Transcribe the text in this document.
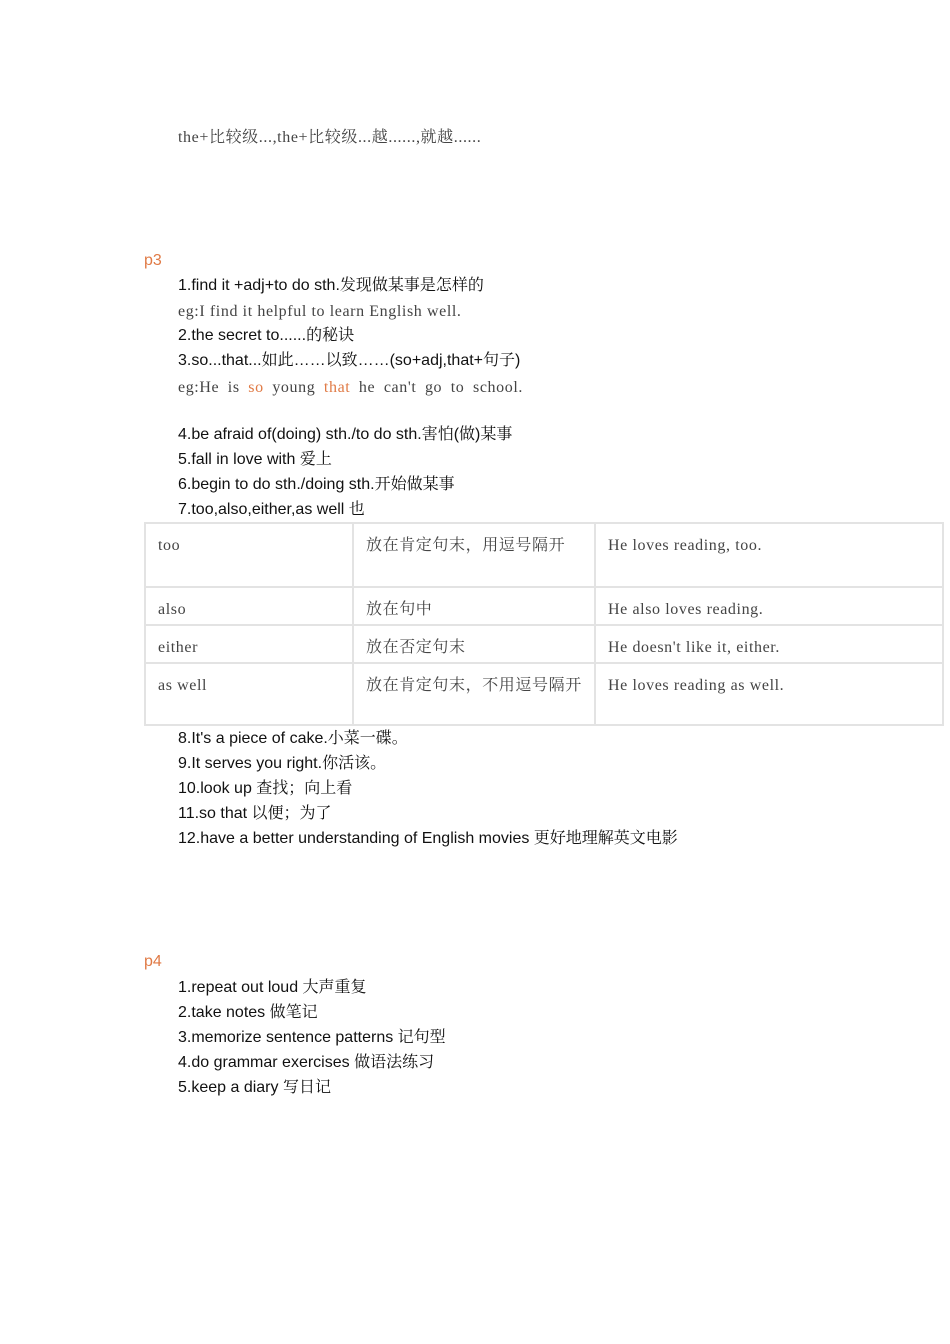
the+比较级...,the+比较级...越......,就越......
p3
1.find it +adj+to do sth.发现做某事是怎样的
eg:I find it helpful to learn English well.
2.the secret to......的秘诀
3.so...that...如此……以致……(so+adj,that+句子)
eg:He is so young that he can't go to school.
4.be afraid of(doing) sth./to do sth.害怕(做)某事
5.fall in love with 爱上
6.begin to do sth./doing sth.开始做某事
7.too,also,either,as well 也
too	放在肯定句末，用逗号隔开	He loves reading, too.
also	放在句中	He also loves reading.
either	放在否定句末	He doesn't like it, either.
as well	放在肯定句末，不用逗号隔开	He loves reading as well.
8.It's a piece of cake.小菜一碟。
9.It serves you right.你活该。
10.look up 查找；向上看
11.so that 以便；为了
12.have a better understanding of English movies 更好地理解英文电影
p4
1.repeat out loud 大声重复
2.take notes 做笔记
3.memorize sentence patterns 记句型
4.do grammar exercises 做语法练习
5.keep a diary 写日记
